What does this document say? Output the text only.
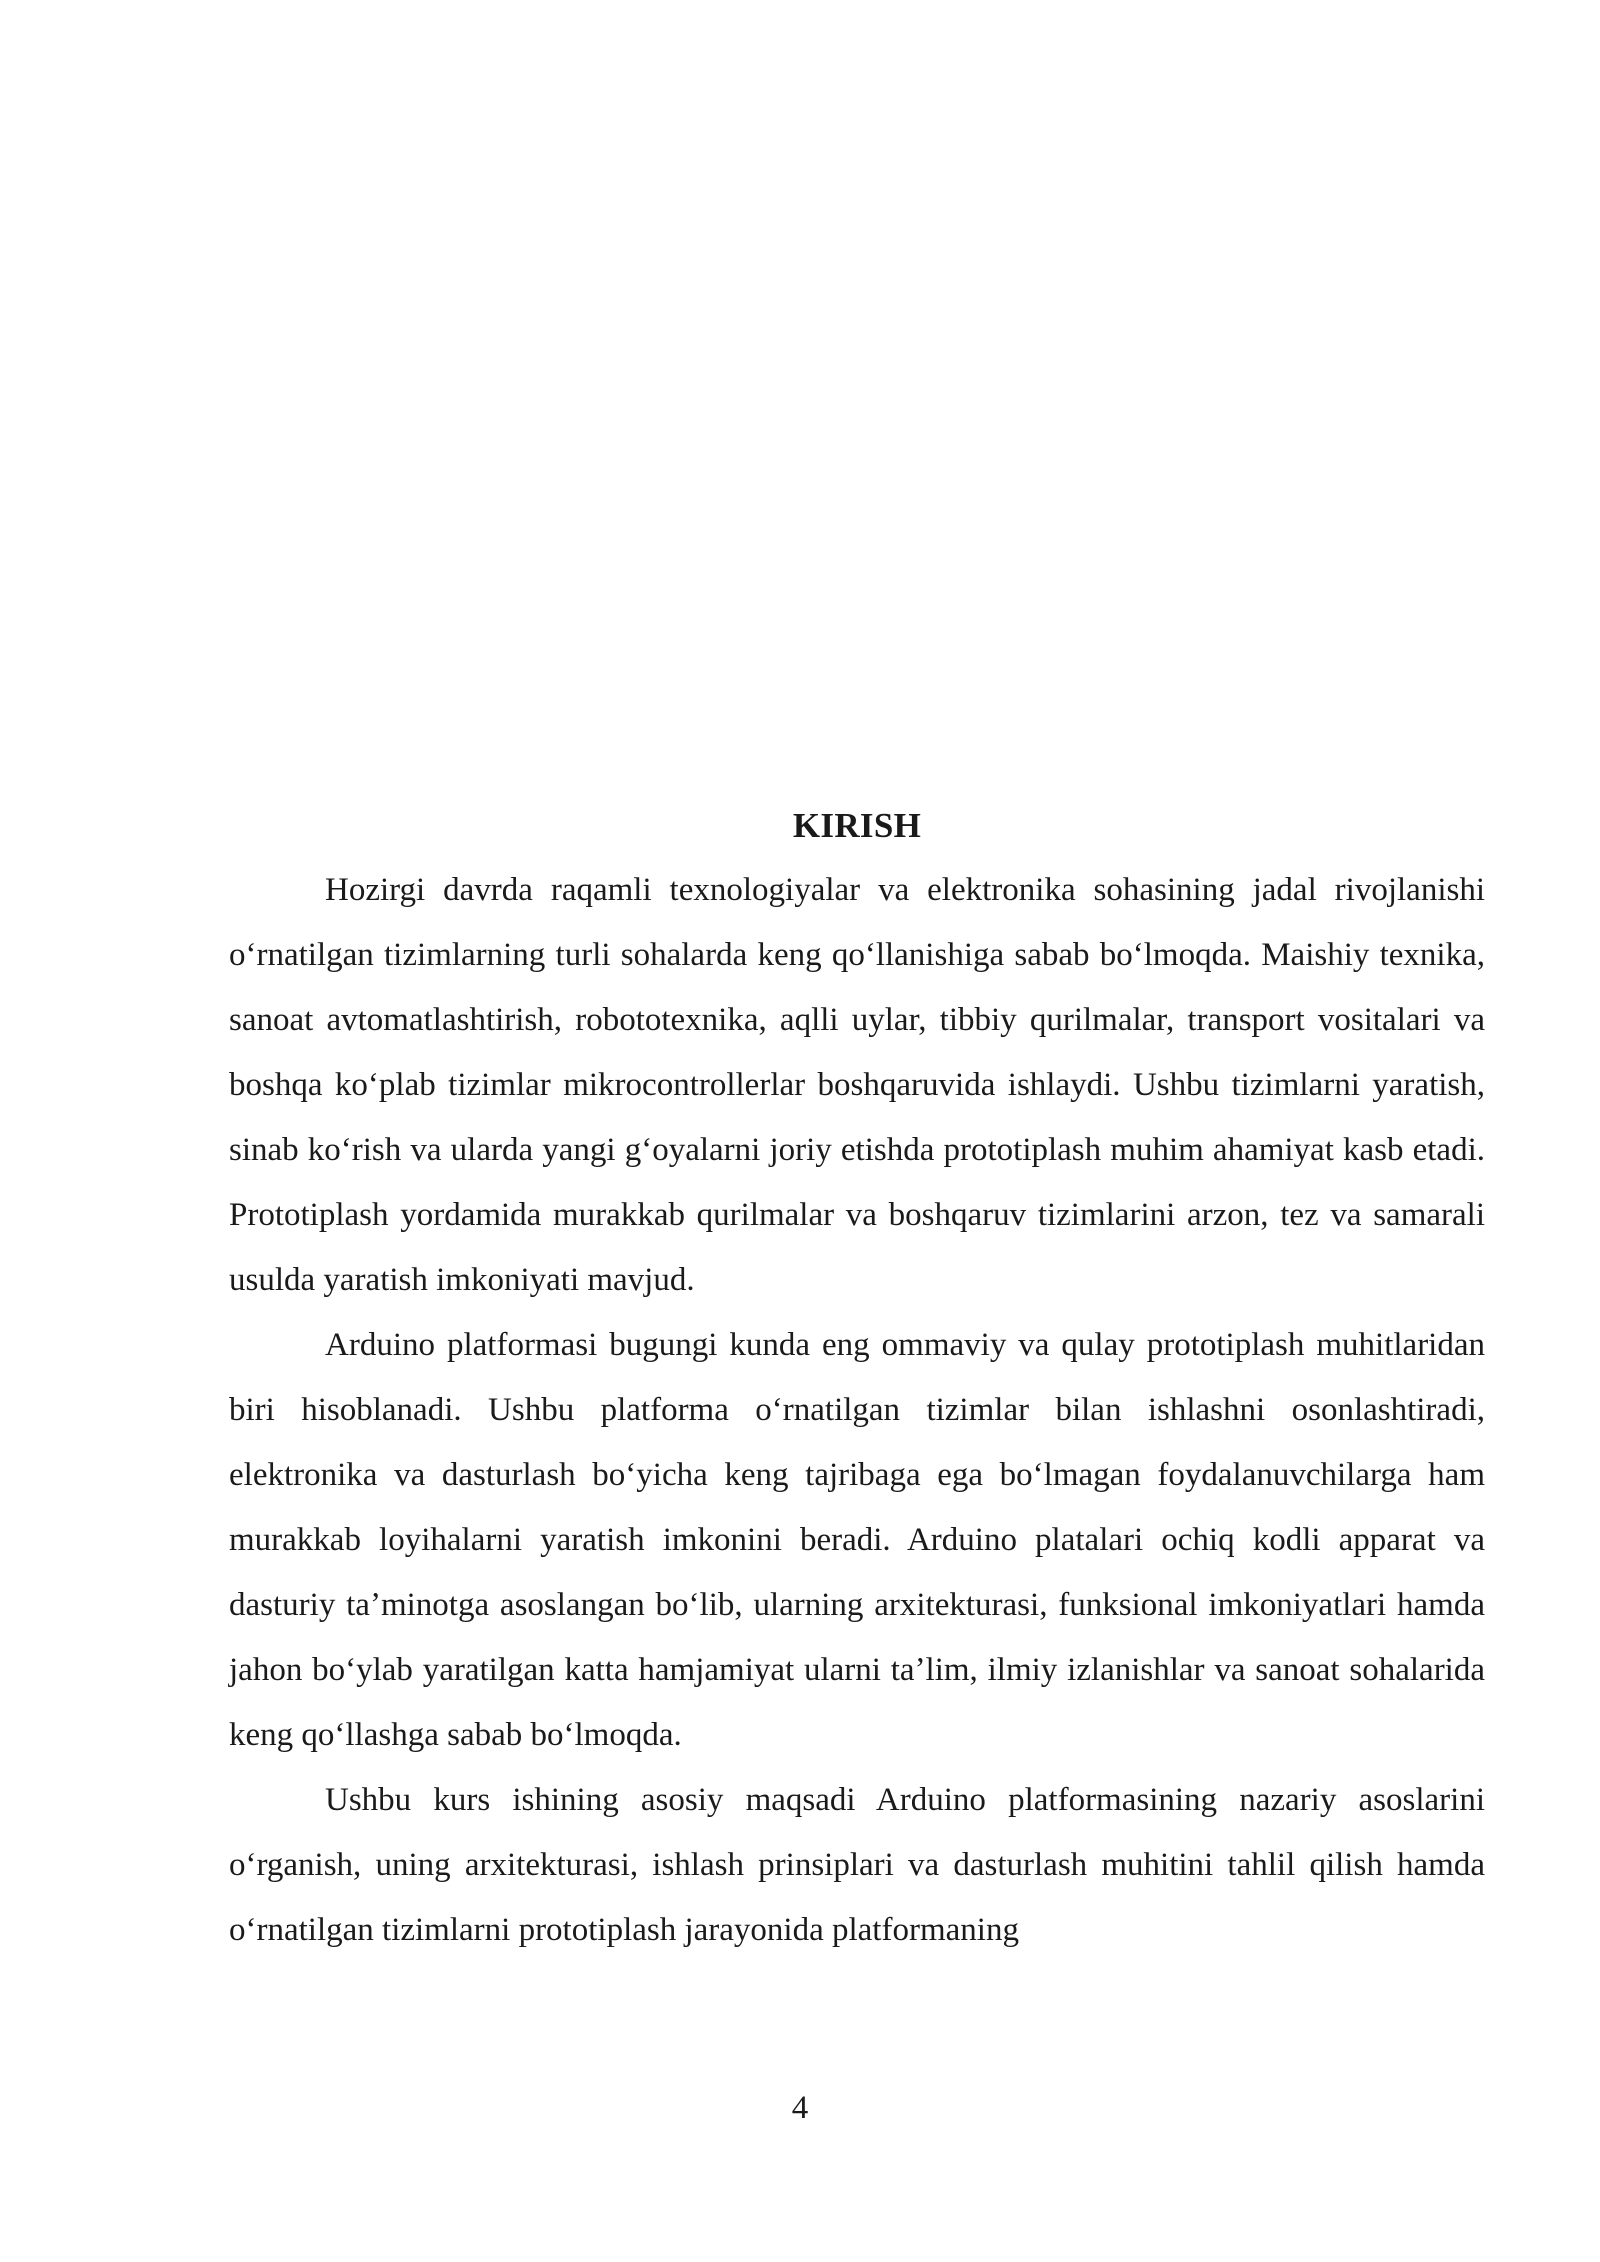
KIRISH

Hozirgi davrda raqamli texnologiyalar va elektronika sohasining jadal rivojlanishi oʻrnatilgan tizimlarning turli sohalarda keng qoʻllanishiga sabab boʻlmoqda. Maishiy texnika, sanoat avtomatlashtirish, robototexnika, aqlli uylar, tibbiy qurilmalar, transport vositalari va boshqa koʻplab tizimlar mikrocontrollerlar boshqaruvida ishlaydi. Ushbu tizimlarni yaratish, sinab koʻrish va ularda yangi gʻoyalarni joriy etishda prototiplash muhim ahamiyat kasb etadi. Prototiplash yordamida murakkab qurilmalar va boshqaruv tizimlarini arzon, tez va samarali usulda yaratish imkoniyati mavjud.

Arduino platformasi bugungi kunda eng ommaviy va qulay prototiplash muhitlaridan biri hisoblanadi. Ushbu platforma oʻrnatilgan tizimlar bilan ishlashni osonlashtiradi, elektronika va dasturlash boʻyicha keng tajribaga ega boʻlmagan foydalanuvchilarga ham murakkab loyihalarni yaratish imkonini beradi. Arduino platalari ochiq kodli apparat va dasturiy taʼminotga asoslangan boʻlib, ularning arxitekturasi, funksional imkoniyatlari hamda jahon boʻylab yaratilgan katta hamjamiyat ularni taʼlim, ilmiy izlanishlar va sanoat sohalarida keng qoʻllashga sabab boʻlmoqda.

Ushbu kurs ishining asosiy maqsadi Arduino platformasining nazariy asoslarini oʻrganish, uning arxitekturasi, ishlash prinsiplari va dasturlash muhitini tahlil qilish hamda oʻrnatilgan tizimlarni prototiplash jarayonida platformaning

4
